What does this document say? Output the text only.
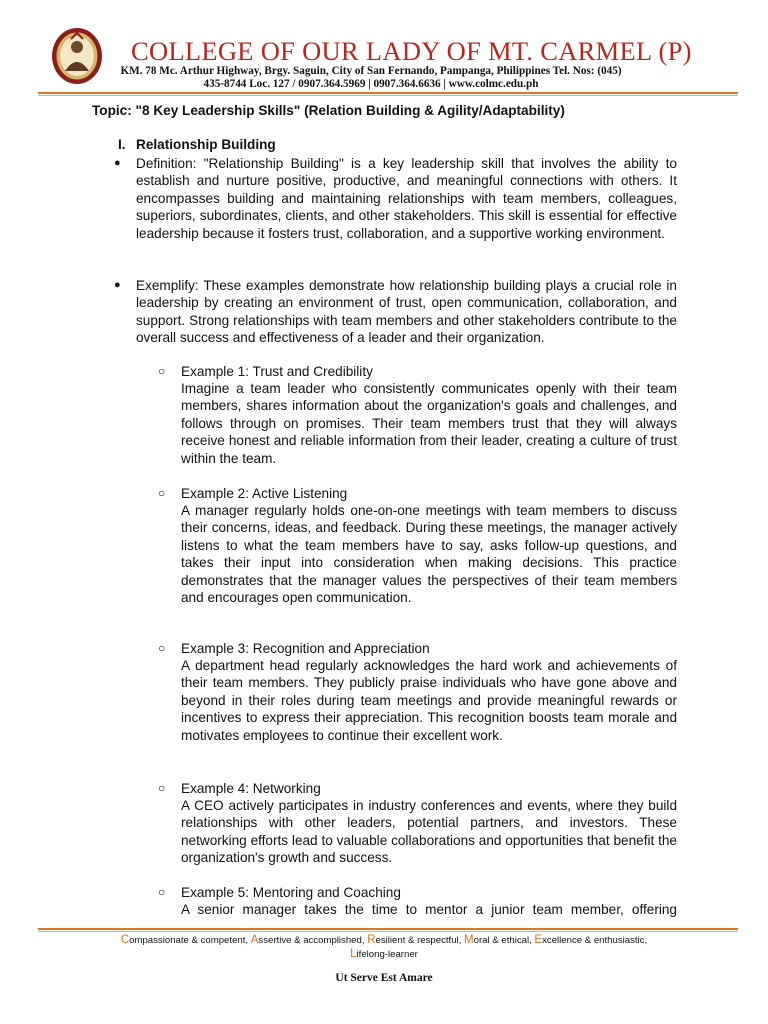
COLLEGE OF OUR LADY OF MT. CARMEL (P)
KM. 78 Mc. Arthur Highway, Brgy. Saguin, City of San Fernando, Pampanga, Philippines Tel. Nos: (045)
435-8744 Loc. 127 / 0907.364.5969 | 0907.364.6636 | www.colmc.edu.ph
Topic: "8 Key Leadership Skills" (Relation Building & Agility/Adaptability)
I. Relationship Building
● Definition: "Relationship Building" is a key leadership skill that involves the ability to establish and nurture positive, productive, and meaningful connections with others. It encompasses building and maintaining relationships with team members, colleagues, superiors, subordinates, clients, and other stakeholders. This skill is essential for effective leadership because it fosters trust, collaboration, and a supportive working environment.
● Exemplify: These examples demonstrate how relationship building plays a crucial role in leadership by creating an environment of trust, open communication, collaboration, and support. Strong relationships with team members and other stakeholders contribute to the overall success and effectiveness of a leader and their organization.
○ Example 1: Trust and Credibility
Imagine a team leader who consistently communicates openly with their team members, shares information about the organization's goals and challenges, and follows through on promises. Their team members trust that they will always receive honest and reliable information from their leader, creating a culture of trust within the team.
○ Example 2: Active Listening
A manager regularly holds one-on-one meetings with team members to discuss their concerns, ideas, and feedback. During these meetings, the manager actively listens to what the team members have to say, asks follow-up questions, and takes their input into consideration when making decisions. This practice demonstrates that the manager values the perspectives of their team members and encourages open communication.
○ Example 3: Recognition and Appreciation
A department head regularly acknowledges the hard work and achievements of their team members. They publicly praise individuals who have gone above and beyond in their roles during team meetings and provide meaningful rewards or incentives to express their appreciation. This recognition boosts team morale and motivates employees to continue their excellent work.
○ Example 4: Networking
A CEO actively participates in industry conferences and events, where they build relationships with other leaders, potential partners, and investors. These networking efforts lead to valuable collaborations and opportunities that benefit the organization's growth and success.
○ Example 5: Mentoring and Coaching
A senior manager takes the time to mentor a junior team member, offering
Compassionate & competent, Assertive & accomplished, Resilient & respectful, Moral & ethical, Excellence & enthusiastic,
Lifelong-learner
Ut Serve Est Amare
